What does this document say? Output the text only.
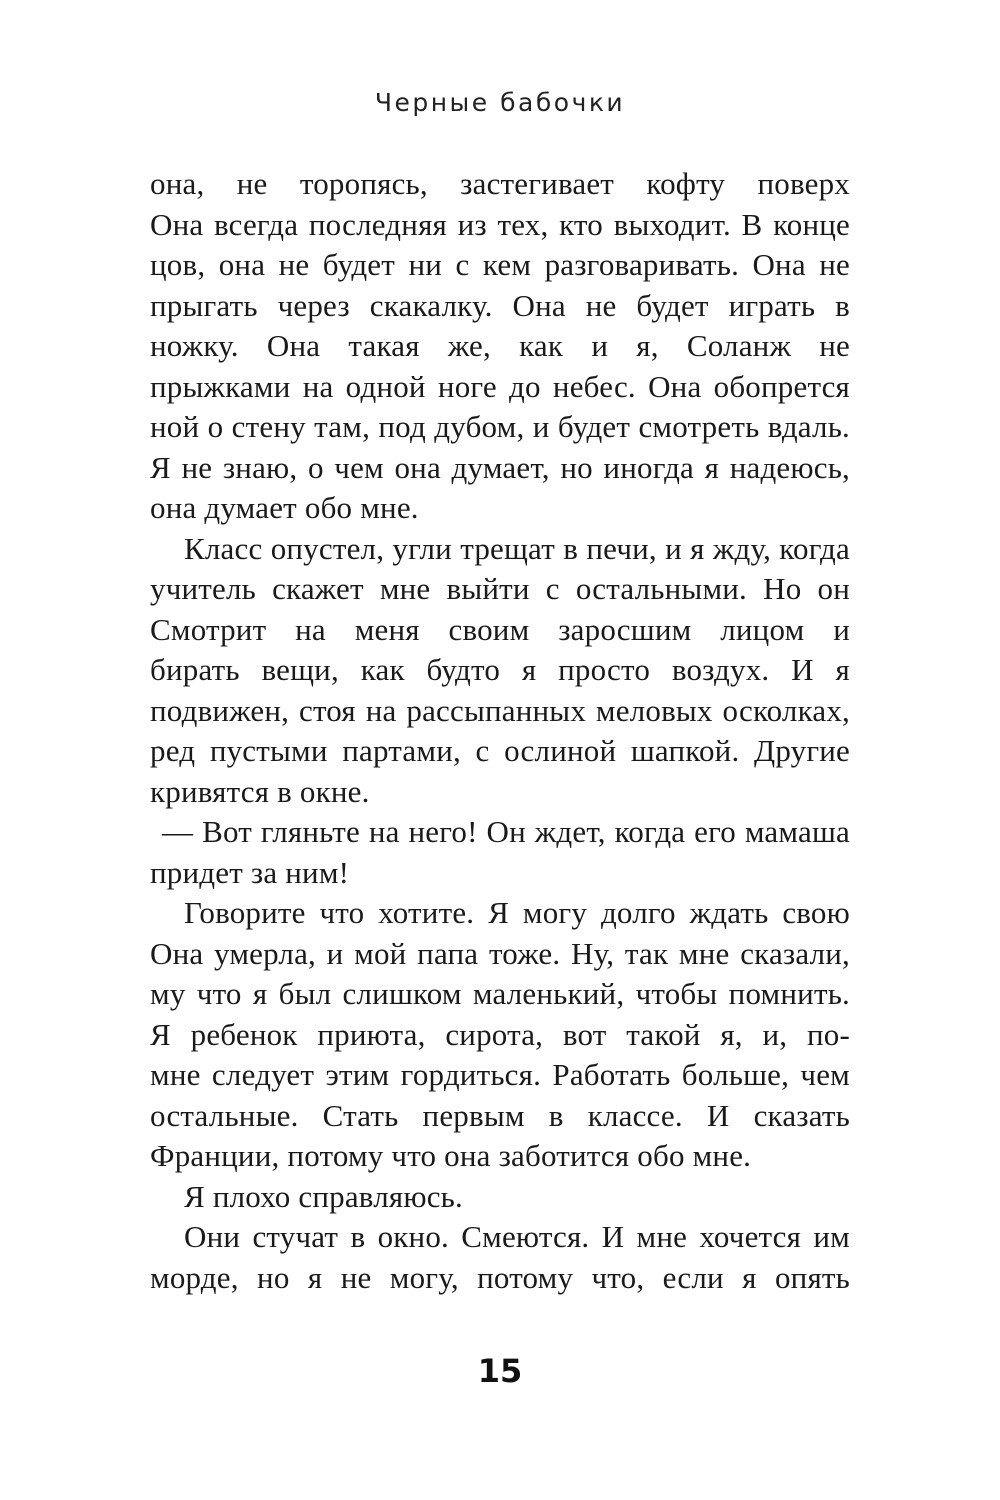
Черные бабочки
она, не торопясь, застегивает кофту поверх
Она всегда последняя из тех, кто выходит. В конце
цов, она не будет ни с кем разговаривать. Она не
прыгать через скакалку. Она не будет играть в
ножку. Она такая же, как и я, Соланж не
прыжками на одной ноге до небес. Она обопрется
ной о стену там, под дубом, и будет смотреть вдаль.
Я не знаю, о чем она думает, но иногда я надеюсь,
она думает обо мне.
Класс опустел, угли трещат в печи, и я жду, когда
учитель скажет мне выйти с остальными. Но он
Смотрит на меня своим заросшим лицом и
бирать вещи, как будто я просто воздух. И я
подвижен, стоя на рассыпанных меловых осколках,
ред пустыми партами, с ослиной шапкой. Другие
кривятся в окне.
— Вот гляньте на него! Он ждет, когда его мамаша
придет за ним!
Говорите что хотите. Я могу долго ждать свою
Она умерла, и мой папа тоже. Ну, так мне сказали,
му что я был слишком маленький, чтобы помнить.
Я ребенок приюта, сирота, вот такой я, и, по-
мне следует этим гордиться. Работать больше, чем
остальные. Стать первым в классе. И сказать
Франции, потому что она заботится обо мне.
Я плохо справляюсь.
Они стучат в окно. Смеются. И мне хочется им
морде, но я не могу, потому что, если я опять
15
